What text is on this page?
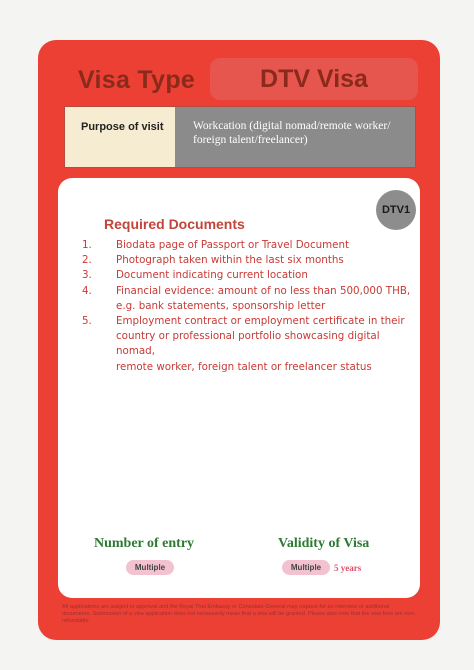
Visa Type	DTV Visa
Purpose of visit	Workcation (digital nomad/remote worker/
foreign talent/freelancer)
DTV1
Required Documents
1. Biodata page of Passport or Travel Document
2. Photograph taken within the last six months
3. Document indicating current location
4. Financial evidence: amount of no less than 500,000 THB,
e.g. bank statements, sponsorship letter
5. Employment contract or employment certificate in their
country or professional portfolio showcasing digital nomad,
remote worker, foreign talent or freelancer status
Number of entry
Multiple
Validity of Visa
Multiple	5 years
All applications are subject to approval and the Royal Thai Embassy or Consulate-General may request for an interview or additional documents. Submission of a visa application does not necessarily mean that a visa will be granted. Please also note that the visa fees are non-refundable.
